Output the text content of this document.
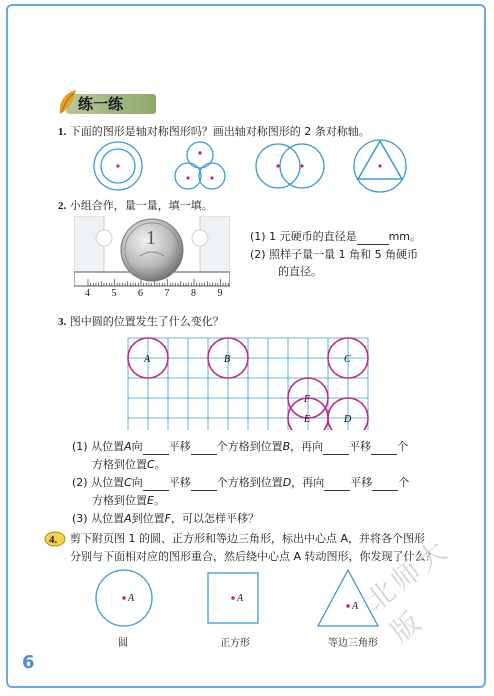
练一练
1. 下面的图形是轴对称图形吗？画出轴对称图形的 2 条对称轴。
2. 小组合作，量一量，填一填。
1
4 5 6 7 8 9
(1) 1 元硬币的直径是	mm。
(2) 照样子量一量 1 角和 5 角硬币
的直径。
3. 图中圆的位置发生了什么变化？
A	B	C
F
E	D
(1) 从位置A向 平移 个方格到位置B，再向 平移 个
方格到位置C。
(2) 从位置C向 平移 个方格到位置D，再向 平移 个
方格到位置E。
(3) 从位置A到位置F，可以怎样平移？
4. 剪下附页图 1 的圆、正方形和等边三角形，标出中心点 A，并将各个图形
分别与下面相对应的图形重合，然后绕中心点 A 转动图形，你发现了什么？
A	A
A
圆	正方形	等边三角形
6
北师大版
